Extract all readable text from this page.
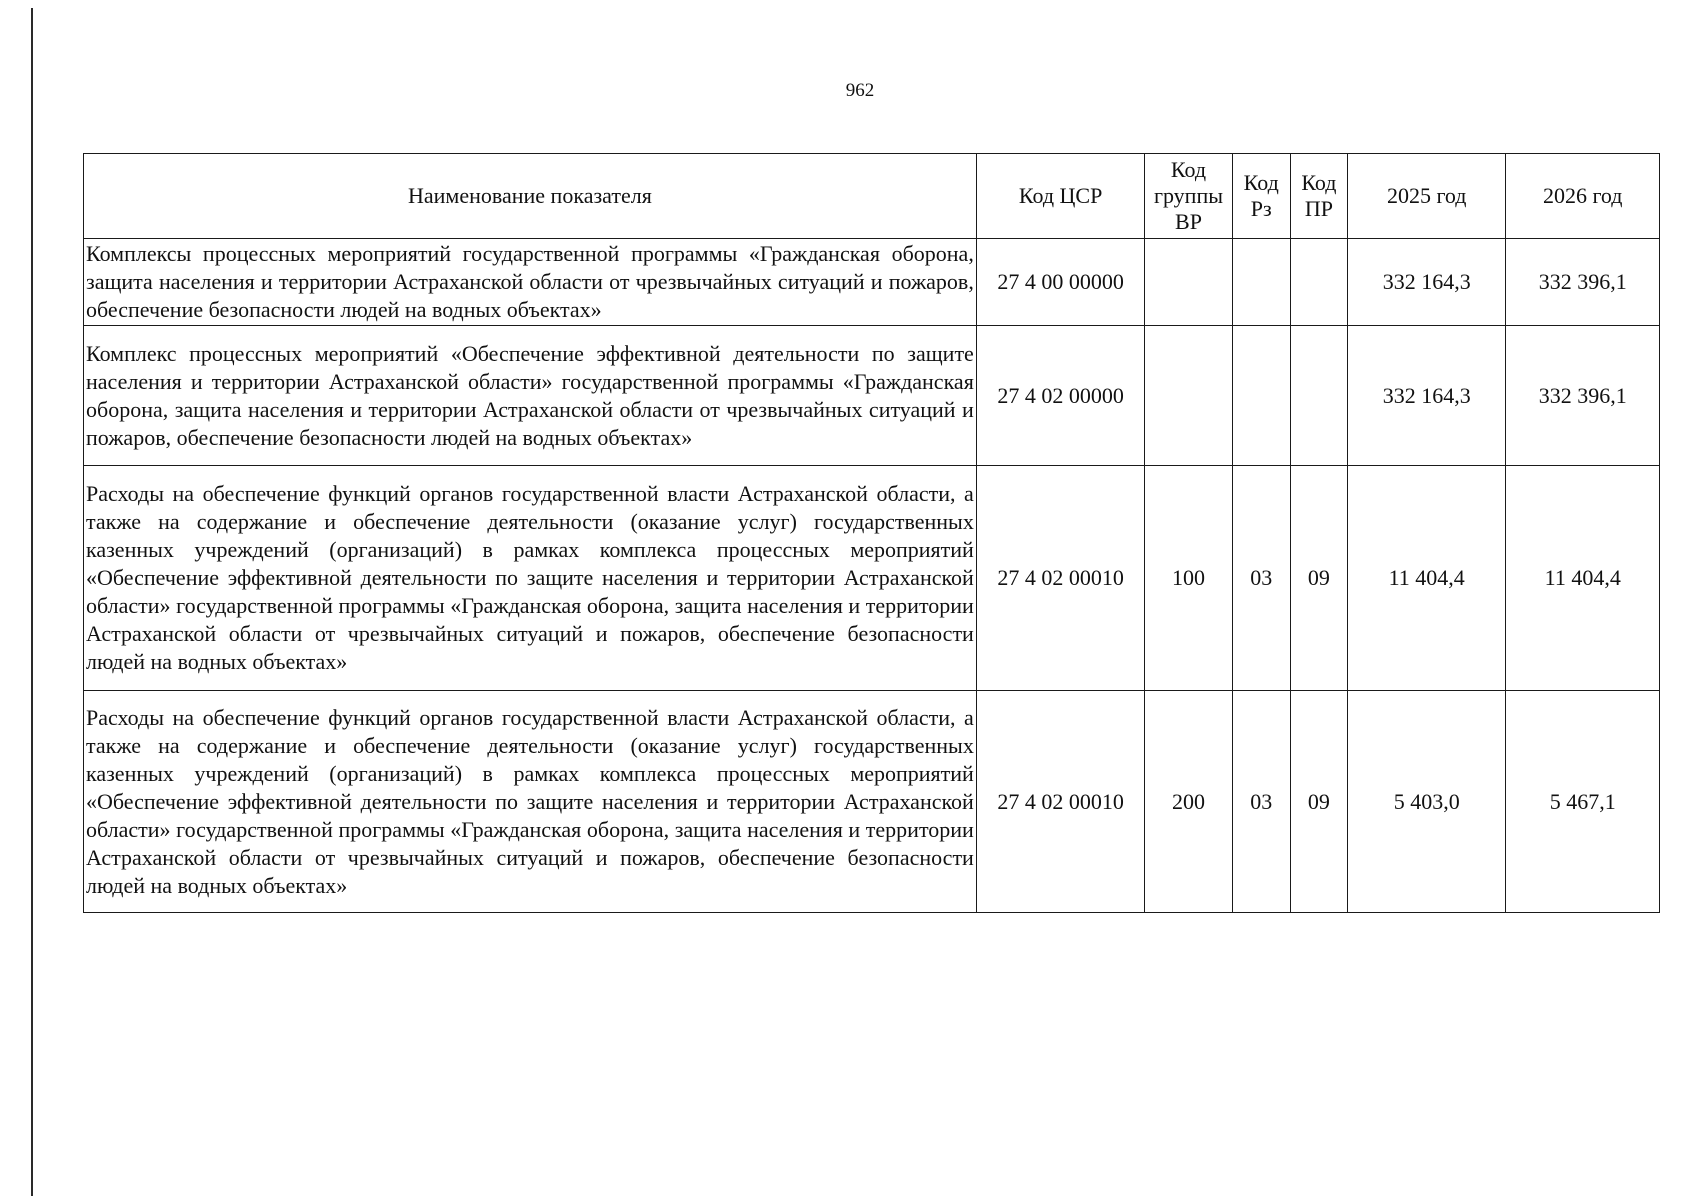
962
Наименование показателя	Код ЦСР	Код группы ВР	Код Рз	Код ПР	2025 год	2026 год
Комплексы процессных мероприятий государственной программы «Гражданская оборона, защита населения и территории Астраханской области от чрезвычайных ситуаций и пожаров, обеспечение безопасности людей на водных объектах»	27 4 00 00000				332 164,3	332 396,1
Комплекс процессных мероприятий «Обеспечение эффективной деятельности по защите населения и территории Астраханской области» государственной программы «Гражданская оборона, защита населения и территории Астраханской области от чрезвычайных ситуаций и пожаров, обеспечение безопасности людей на водных объектах»	27 4 02 00000				332 164,3	332 396,1
Расходы на обеспечение функций органов государственной власти Астраханской области, а также на содержание и обеспечение деятельности (оказание услуг) государственных казенных учреждений (организаций) в рамках комплекса процессных мероприятий «Обеспечение эффективной деятельности по защите населения и территории Астраханской области» государственной программы «Гражданская оборона, защита населения и территории Астраханской области от чрезвычайных ситуаций и пожаров, обеспечение безопасности людей на водных объектах»	27 4 02 00010	100	03	09	11 404,4	11 404,4
Расходы на обеспечение функций органов государственной власти Астраханской области, а также на содержание и обеспечение деятельности (оказание услуг) государственных казенных учреждений (организаций) в рамках комплекса процессных мероприятий «Обеспечение эффективной деятельности по защите населения и территории Астраханской области» государственной программы «Гражданская оборона, защита населения и территории Астраханской области от чрезвычайных ситуаций и пожаров, обеспечение безопасности людей на водных объектах»	27 4 02 00010	200	03	09	5 403,0	5 467,1
